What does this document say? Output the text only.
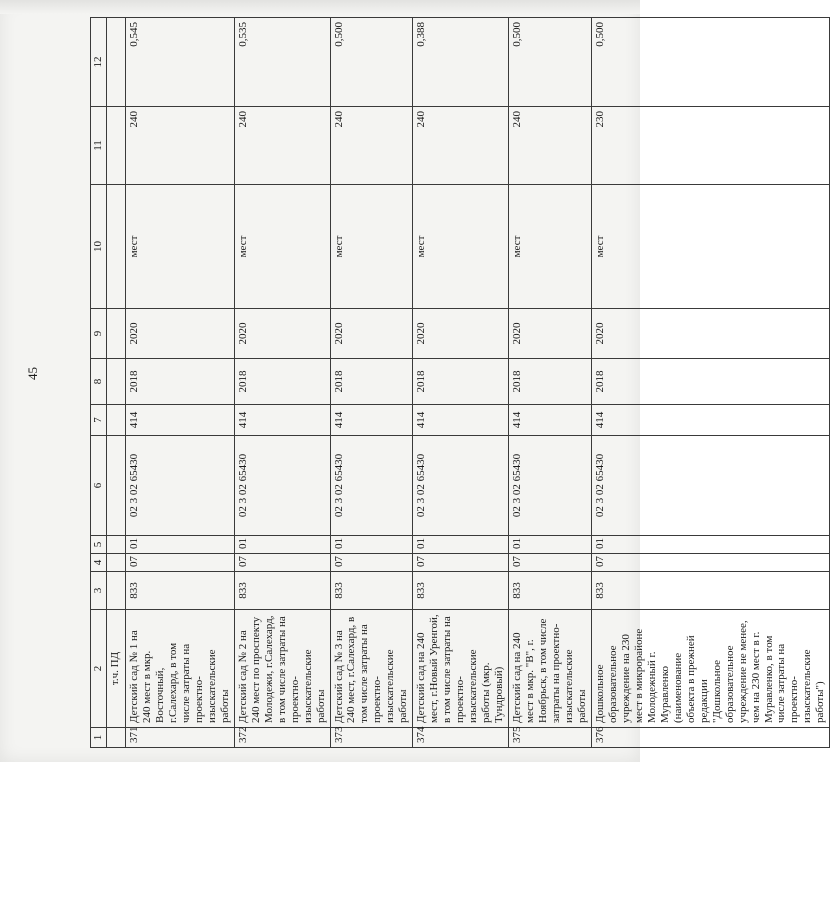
45
1	2	3	4	5	6	7	8	9	10	11	12
	т.ч. ПД										
371	Детский сад № 1 на 240 мест в мкр. Восточный, г.Салехард, в том числе затраты на проектно-изыскательские работы	833	07	01	02 3 02 65430	414	2018	2020	мест	240	0,545
372	Детский сад № 2 на 240 мест по проспекту Молодежи, г.Салехард, в том числе затраты на проектно-изыскательские работы	833	07	01	02 3 02 65430	414	2018	2020	мест	240	0,535
373	Детский сад № 3 на 240 мест, г.Салехард, в том числе затраты на проектно-изыскательские работы	833	07	01	02 3 02 65430	414	2018	2020	мест	240	0,500
374	Детский сад на 240 мест, г.Новый Уренгой, в том числе затраты на проектно-изыскательские работы (мкр. Тундровый)	833	07	01	02 3 02 65430	414	2018	2020	мест	240	0,388
375	Детский сад на 240 мест в мкр. "В", г. Ноябрьск, в том числе затраты на проектно-изыскательские работы	833	07	01	02 3 02 65430	414	2018	2020	мест	240	0,500
376	Дошкольное образовательное учреждение на 230 мест в микрорайоне Молодежный г. Муравленко (наименование объекта в прежней редакции "Дошкольное образовательное учреждение не менее, чем на 230 мест в г. Муравленко, в том числе затраты на проектно-изыскательские работы")	833	07	01	02 3 02 65430	414	2018	2020	мест	230	0,500
